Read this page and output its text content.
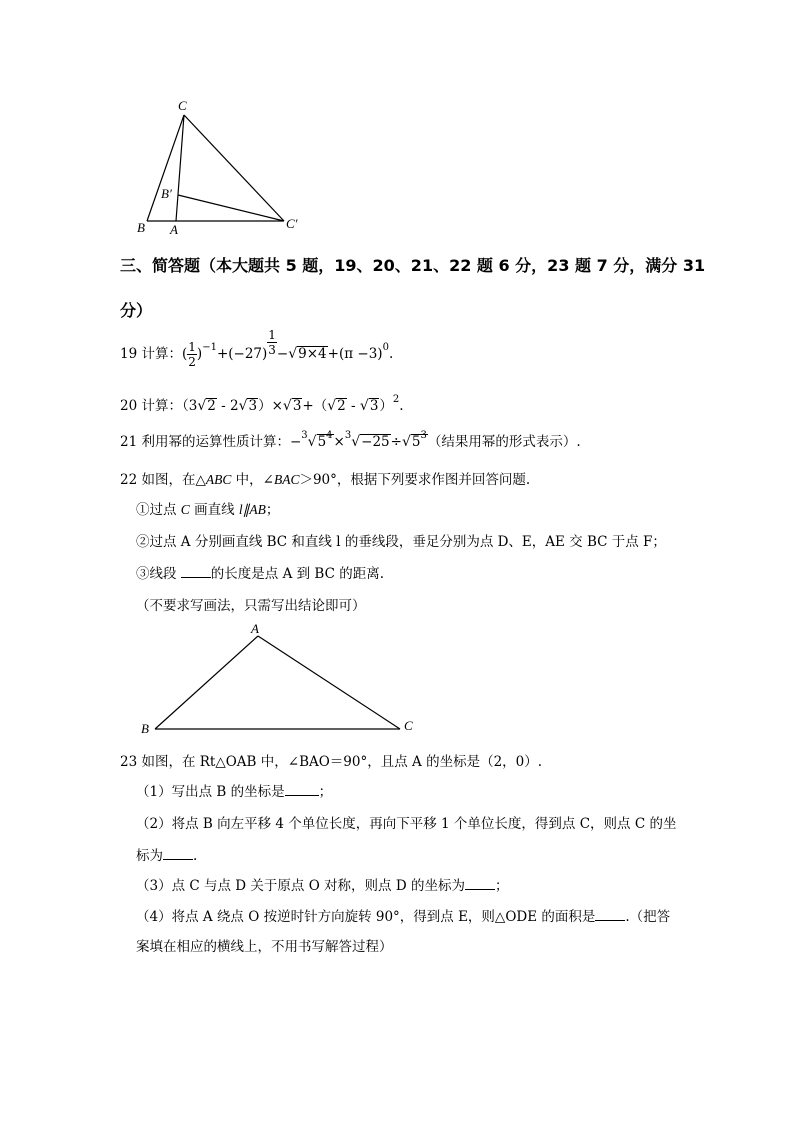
C
B′
B A	C′
三、简答题（本大题共 5 题，19、20、21、22 题 6 分，23 题 7 分，满分 31
分）
19 计算：( $\frac{1}{2} )^{-1}+(-27) \frac{1}{3} -√9\times 4+(\pi -3)^0$.
20 计算：（3√2 - 2√3）×√3+（√2 - √3）$^2$.
21 利用幂的运算性质计算：$-^3√5^4\times^3√-25\div√5^3$（结果用幂的形式表示）.
22 如图，在△ABC 中，∠BAC＞90°，根据下列要求作图并回答问题.
①过点 C 画直线 l∥AB；
②过点 A 分别画直线 BC 和直线 l 的垂线段，垂足分别为点 D、E，AE 交 BC 于点 F；
③线段 的长度是点 A 到 BC 的距离.
（不要求写画法，只需写出结论即可）
A
B	C
23 如图，在 Rt△OAB 中，∠BAO＝90°，且点 A 的坐标是（2，0）.
（1）写出点 B 的坐标是	；
（2）将点 B 向左平移 4 个单位长度，再向下平移 1 个单位长度，得到点 C，则点 C 的坐
标为 .
（3）点 C 与点 D 关于原点 O 对称，则点 D 的坐标为 ；
（4）将点 A 绕点 O 按逆时针方向旋转 90°，得到点 E，则△ODE 的面积是 .（把答
案填在相应的横线上，不用书写解答过程）
